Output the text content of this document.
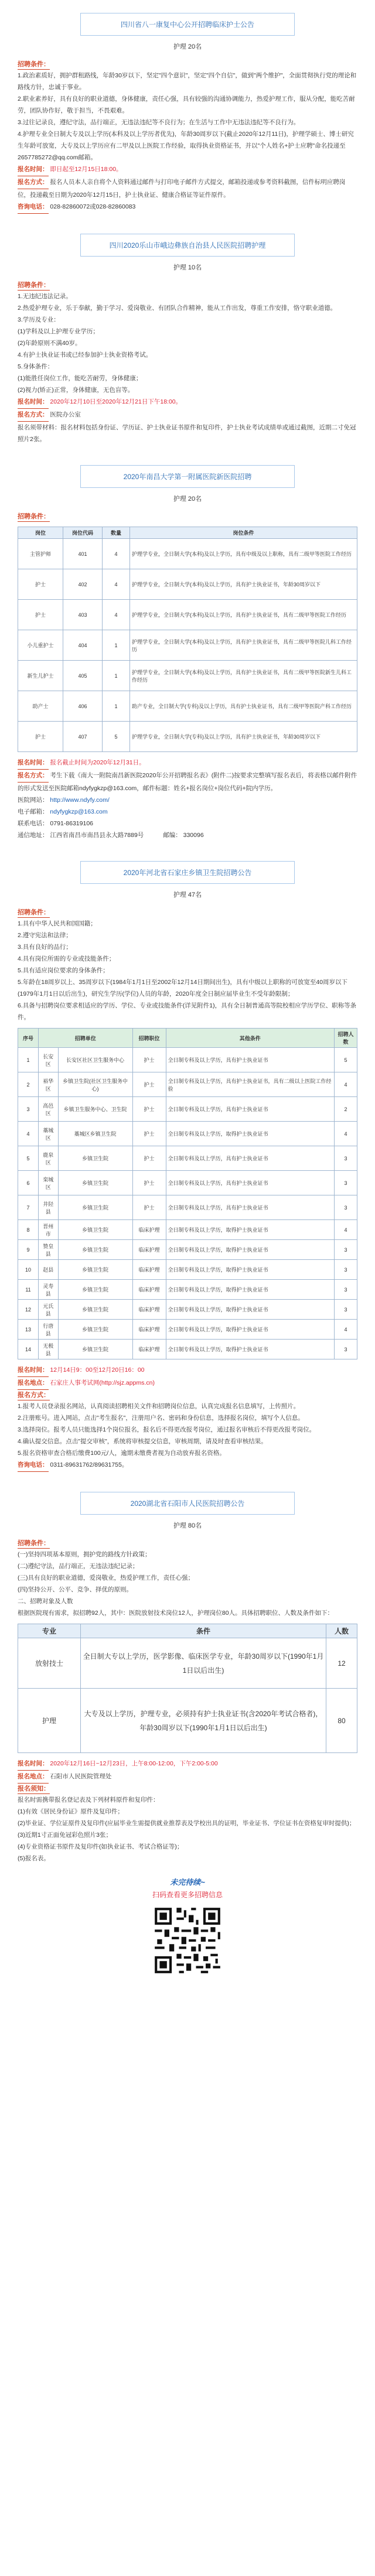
四川省八一康复中心公开招聘临床护士公告
护理 20名
招聘条件：
1.政治素质好，拥护群租路线，年龄30岁以下，坚定"四个意识"，坚定"四个自信"，做到"两个维护"，全面贯彻执行党的理论和路线方针，忠诚于事业。
2.职业素养好，具有良好的职业道德，身体健康，责任心强，具有较强的沟通协调能力，热爱护理工作，服从分配，能吃苦耐劳，团队协作好，敬于担当，不畏艰难。
3.过往记录良，遵纪守法，品行端正，无违法违纪等不良行为；在生活与工作中无违法违纪等不良行为。
4.护理专业全日制大专及以上学历(本科及以上学历者优先)，年龄30周岁以下(截止2020年12月11日)，护理学硕士、博士研究生年龄可放宽，大专及以上学历应有二甲及以上医院工作经验，取得执业资格证书，并以"个人姓名+护士应聘"命名投递至2657785272@qq.com邮箱。
报名时间： 即日起至12月15日18:00。
报名方式： 报名人员本人亲自将个人资料通过邮件与打印电子邮件方式提交，邮箱投递或参考资料截图，信件标明应聘岗位，投递截至日期为2020年12月15日，护士执业证、健康合格证等证件原件。
咨询电话： 028-82860072或028-82860083
四川2020乐山市峨边彝族自治县人民医院招聘护理
护理 10名
招聘条件：
1.无违纪违法记录。
2.热爱护理专业，乐于奉献，勤于学习、爱岗敬业、有团队合作精神，能从工作出发，尊重工作安排，恪守职业道德。
3.学历及专业：
(1)学科及以上护理专业学历；
(2)年龄原则不满40岁。
4.有护士执业证书或已经参加护士执业资格考试。
5.身体条件：
(1)能胜任岗位工作，能吃苦耐劳，身体健康；
(2)视力(矫正)正常，身体健康，无色盲等。
报名时间： 2020年12月10日至2020年12月21日下午18:00。
报名方式： 医院办公室
报名须带材料：报名材料包括身份证、学历证、护士执业证书原件和复印件，护士执业考试成绩单或通过截图，近期二寸免冠照片2张。
2020年南昌大学第一附属医院新医院招聘
护理 20名
招聘条件：
岗位	岗位代码	数量	岗位条件
主管护师	401	4	护理学专业，全日制大学(本科)及以上学历，具有中级及以上职称，具有二级甲等医院工作经历
护士	402	4	护理学专业，全日制大学(本科)及以上学历，具有护士执业证书，年龄30周岁以下
护士	403	4	护理学专业，全日制大学(本科)及以上学历，具有护士执业证书，具有二级甲等医院工作经历
小儿重护士	404	1	护理学专业，全日制大学(本科)及以上学历，具有护士执业证书，具有二级甲等医院儿科工作经历
新生儿护士	405	1	护理学专业，全日制大学(本科)及以上学历，具有护士执业证书，具有二级甲等医院新生儿科工作经历
助产士	406	1	助产专业，全日制大学(专科)及以上学历，具有护士执业证书，具有二级甲等医院产科工作经历
护士	407	5	护理学专业，全日制大学(专科)及以上学历，具有护士执业证书，年龄30周岁以下
报名时间： 报名截止时间为2020年12月31日。
报名方式： 考生下载《南大一附院南昌新医院2020年公开招聘报名表》(附件二)按要求完整填写报名表后，将表格以邮件附件的形式发送至医院邮箱ndyfygkzp@163.com，邮件标题：姓名+报名岗位+岗位代码+院内学历。
医院网站： http://www.ndyfy.com/
电子邮箱： ndyfygkzp@163.com
联系电话： 0791-86319106
通信地址： 江西省南昌市南昌县永大路7889号	邮编： 330096
2020年河北省石家庄乡镇卫生院招聘公告
护理 47名
招聘条件：
1.具有中华人民共和国国籍；
2.遵守宪法和法律；
3.具有良好的品行；
4.具有岗位所需的专业或技能条件；
5.具有适应岗位要求的身体条件；
5.年龄在18周岁以上、35周岁以下(1984年1月1日至2002年12月14日期间出生)，具有中级以上职称的可放宽至40周岁以下(1979年1月1日以后出生)，研究生学历(学位)人员的年龄，2020年度全日制应届毕业生不受年龄限制；
6.具备与招聘岗位要求相适应的学历、学位、专业或技能条件(详见附件1)，具有全日制普通高等院校相应学历学位、职称等条件。
序号	招聘单位		招聘职位	其他条件	招聘人数
1	长安区	长安区社区卫生服务中心	护士	全日制专科及以上学历，具有护士执业证书	5
2	裕华区	乡镇卫生院(社区卫生服务中心)	护士	全日制专科及以上学历，具有护士执业证书，具有二级以上医院工作经验	4
3	高邑区	乡镇卫生服务中心、卫生院	护士	全日制专科及以上学历，具有护士执业证书	2
4	藁城区	藁城区乡镇卫生院	护士	全日制专科及以上学历，取得护士执业证书	4
5	鹿泉区	乡镇卫生院	护士	全日制专科及以上学历，具有护士执业证书	3
6	栾城区	乡镇卫生院	护士	全日制专科及以上学历，具有护士执业证书	3
7	井陉县	乡镇卫生院	护士	全日制专科及以上学历，具有护士执业证书	3
8	晋州市	乡镇卫生院	临床护理	全日制专科及以上学历，取得护士执业证书	4
9	赞皇县	乡镇卫生院	临床护理	全日制专科及以上学历，取得护士执业证书	3
10	赵县	乡镇卫生院	临床护理	全日制专科及以上学历，取得护士执业证书	3
11	灵寿县	乡镇卫生院	临床护理	全日制专科及以上学历，取得护士执业证书	3
12	元氏县	乡镇卫生院	临床护理	全日制专科及以上学历，取得护士执业证书	3
13	行唐县	乡镇卫生院	临床护理	全日制专科及以上学历，取得护士执业证书	4
14	无极县	乡镇卫生院	临床护理	全日制专科及以上学历，取得护士执业证书	3
报名时间： 12月14日9：00至12月20日16：00
报名地点： 石家庄人事考试网(http://sjz.appms.cn)
报名方式：
1.报考人员登录报名网站，认真阅读招聘相关文件和招聘岗位信息，认真完成报名信息填写，上传照片。
2.注册账号。进入网站，点击"考生报名"，注册用户名、密码和身份信息，选择报名岗位，填写个人信息。
3.选择岗位。报考人员只能选择1个岗位报名，报名后不得更改报考岗位，通过报名审核后不得更改报考岗位。
4.确认提交信息。点击"提交审核"，系统将审核提交信息，审核周期，请及时查看审核结果。
5.报名资格审查合格后缴费100元/人，逾期未缴费者视为自动放弃报名资格。
咨询电话： 0311-89631762/89631755。
2020湖北省石阳市人民医院招聘公告
护理 80名
招聘条件：
(一)坚持四项基本原则，拥护党的路线方针政策；
(二)遵纪守法，品行端正，无违法违纪记录；
(三)具有良好的职业道德，爱岗敬业，热爱护理工作，责任心强；
(四)坚持公开、公平、竞争、择优的原则。
二、招聘对象及人数
根据医院现有需求，拟招聘92人，其中：医院放射技术岗位12人，护理岗位80人。具体招聘职位、人数及条件如下：
专业	条件	人数
放射技士	全日制大专以上学历，医学影像、临床医学专业，年龄30周岁以下(1990年1月1日以后出生)	12
护理	大专及以上学历，护理专业，必须持有护士执业证书(含2020年考试合格者)，年龄30周岁以下(1990年1月1日以后出生)	80
报名时间： 2020年12月16日~12月23日，上午8:00-12:00，下午2:00-5:00
报名地点： 石阳市人民医院管理处
报名须知：
报名时需携带报名登记表及下列材料原件和复印件：
(1)有效《居民身份证》原件及复印件；
(2)毕业证、学位证原件及复印件(应届毕业生需提供就业推荐表及学校出具的证明，毕业证书、学位证书在资格复审时提供)；
(3)近期1寸正面免冠彩色照片3张；
(4)专业资格证书原件及复印件(如执业证书、考试合格证等)；
(5)报名表。
未完待续~
扫码查看更多招聘信息
